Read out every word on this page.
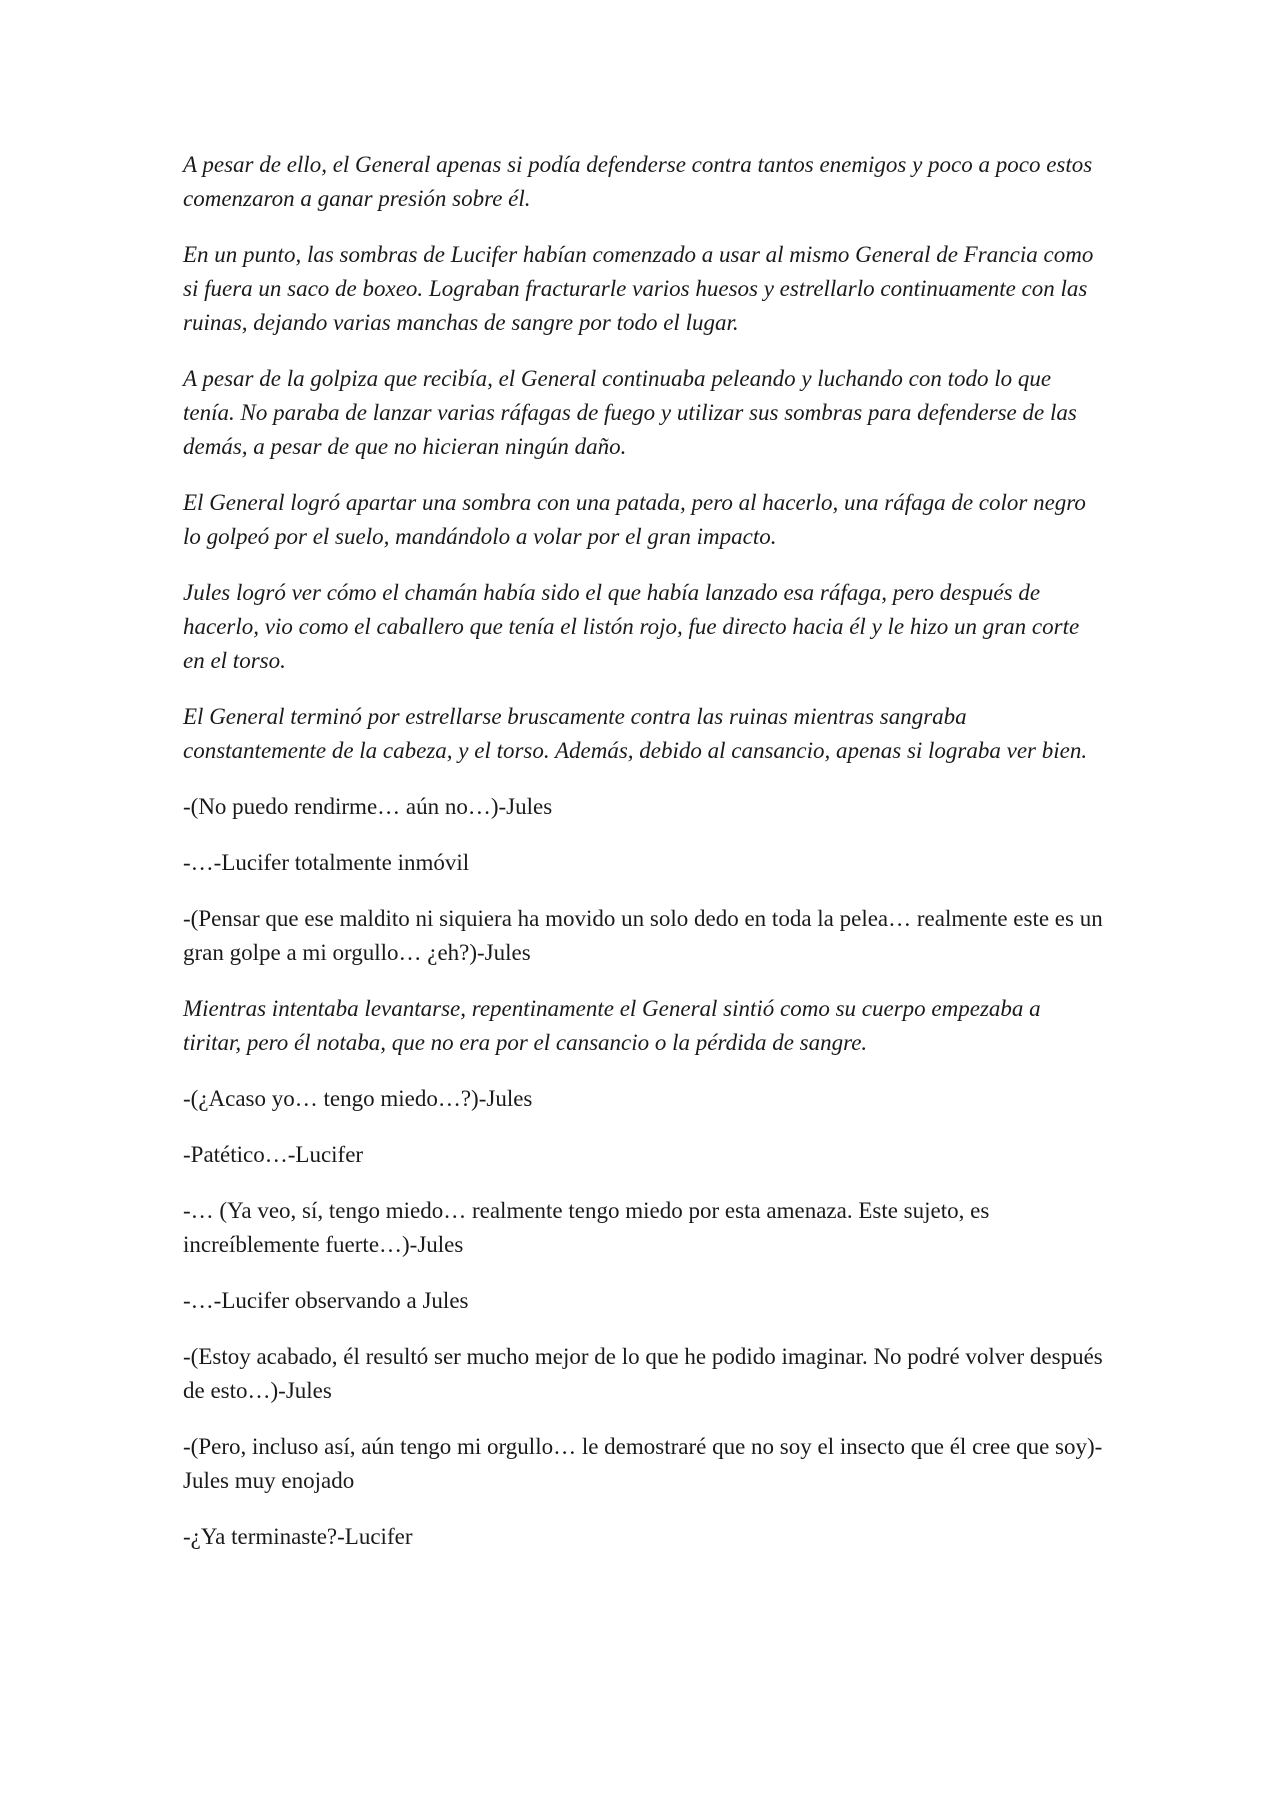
A pesar de ello, el General apenas si podía defenderse contra tantos enemigos y poco a poco estos comenzaron a ganar presión sobre él.

En un punto, las sombras de Lucifer habían comenzado a usar al mismo General de Francia como si fuera un saco de boxeo. Lograban fracturarle varios huesos y estrellarlo continuamente con las ruinas, dejando varias manchas de sangre por todo el lugar.

A pesar de la golpiza que recibía, el General continuaba peleando y luchando con todo lo que tenía. No paraba de lanzar varias ráfagas de fuego y utilizar sus sombras para defenderse de las demás, a pesar de que no hicieran ningún daño.

El General logró apartar una sombra con una patada, pero al hacerlo, una ráfaga de color negro lo golpeó por el suelo, mandándolo a volar por el gran impacto.

Jules logró ver cómo el chamán había sido el que había lanzado esa ráfaga, pero después de hacerlo, vio como el caballero que tenía el listón rojo, fue directo hacia él y le hizo un gran corte en el torso.

El General terminó por estrellarse bruscamente contra las ruinas mientras sangraba constantemente de la cabeza, y el torso. Además, debido al cansancio, apenas si lograba ver bien.

-(No puedo rendirme… aún no…)-Jules

-…-Lucifer totalmente inmóvil

-(Pensar que ese maldito ni siquiera ha movido un solo dedo en toda la pelea… realmente este es un gran golpe a mi orgullo… ¿eh?)-Jules

Mientras intentaba levantarse, repentinamente el General sintió como su cuerpo empezaba a tiritar, pero él notaba, que no era por el cansancio o la pérdida de sangre.

-(¿Acaso yo… tengo miedo…?)-Jules

-Patético…-Lucifer

-… (Ya veo, sí, tengo miedo… realmente tengo miedo por esta amenaza. Este sujeto, es increíblemente fuerte…)-Jules

-…-Lucifer observando a Jules

-(Estoy acabado, él resultó ser mucho mejor de lo que he podido imaginar. No podré volver después de esto…)-Jules

-(Pero, incluso así, aún tengo mi orgullo… le demostraré que no soy el insecto que él cree que soy)-Jules muy enojado

-¿Ya terminaste?-Lucifer
